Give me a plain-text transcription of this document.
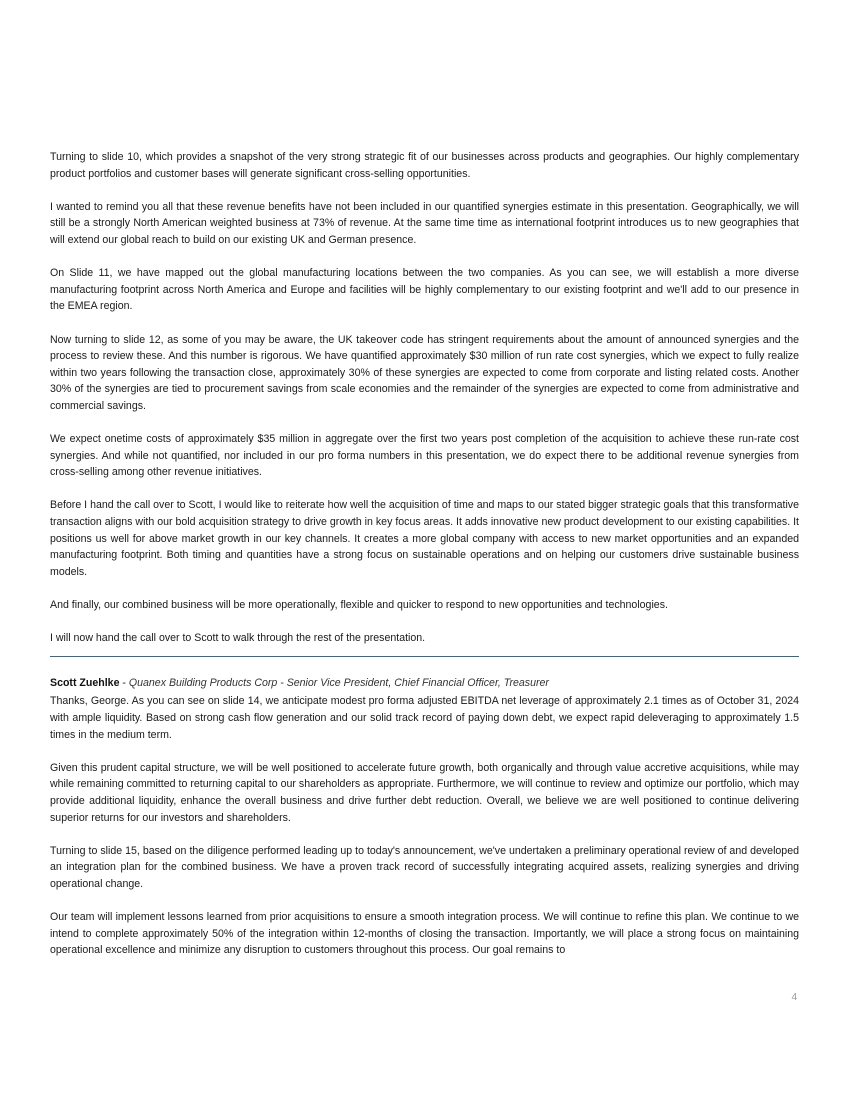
Turning to slide 10, which provides a snapshot of the very strong strategic fit of our businesses across products and geographies. Our highly complementary product portfolios and customer bases will generate significant cross-selling opportunities.

I wanted to remind you all that these revenue benefits have not been included in our quantified synergies estimate in this presentation. Geographically, we will still be a strongly North American weighted business at 73% of revenue. At the same time time as international footprint introduces us to new geographies that will extend our global reach to build on our existing UK and German presence.

On Slide 11, we have mapped out the global manufacturing locations between the two companies. As you can see, we will establish a more diverse manufacturing footprint across North America and Europe and facilities will be highly complementary to our existing footprint and we'll add to our presence in the EMEA region.

Now turning to slide 12, as some of you may be aware, the UK takeover code has stringent requirements about the amount of announced synergies and the process to review these. And this number is rigorous. We have quantified approximately $30 million of run rate cost synergies, which we expect to fully realize within two years following the transaction close, approximately 30% of these synergies are expected to come from corporate and listing related costs. Another 30% of the synergies are tied to procurement savings from scale economies and the remainder of the synergies are expected to come from administrative and commercial savings.

We expect onetime costs of approximately $35 million in aggregate over the first two years post completion of the acquisition to achieve these run-rate cost synergies. And while not quantified, nor included in our pro forma numbers in this presentation, we do expect there to be additional revenue synergies from cross-selling among other revenue initiatives.

Before I hand the call over to Scott, I would like to reiterate how well the acquisition of time and maps to our stated bigger strategic goals that this transformative transaction aligns with our bold acquisition strategy to drive growth in key focus areas. It adds innovative new product development to our existing capabilities. It positions us well for above market growth in our key channels. It creates a more global company with access to new market opportunities and an expanded manufacturing footprint. Both timing and quantities have a strong focus on sustainable operations and on helping our customers drive sustainable business models.

And finally, our combined business will be more operationally, flexible and quicker to respond to new opportunities and technologies.

I will now hand the call over to Scott to walk through the rest of the presentation.

Scott Zuehlke - Quanex Building Products Corp - Senior Vice President, Chief Financial Officer, Treasurer

Thanks, George. As you can see on slide 14, we anticipate modest pro forma adjusted EBITDA net leverage of approximately 2.1 times as of October 31, 2024 with ample liquidity. Based on strong cash flow generation and our solid track record of paying down debt, we expect rapid deleveraging to approximately 1.5 times in the medium term.

Given this prudent capital structure, we will be well positioned to accelerate future growth, both organically and through value accretive acquisitions, while may while remaining committed to returning capital to our shareholders as appropriate. Furthermore, we will continue to review and optimize our portfolio, which may provide additional liquidity, enhance the overall business and drive further debt reduction. Overall, we believe we are well positioned to continue delivering superior returns for our investors and shareholders.

Turning to slide 15, based on the diligence performed leading up to today's announcement, we've undertaken a preliminary operational review of and developed an integration plan for the combined business. We have a proven track record of successfully integrating acquired assets, realizing synergies and driving operational change.

Our team will implement lessons learned from prior acquisitions to ensure a smooth integration process. We will continue to refine this plan. We continue to we intend to complete approximately 50% of the integration within 12-months of closing the transaction. Importantly, we will place a strong focus on maintaining operational excellence and minimize any disruption to customers throughout this process. Our goal remains to

4
